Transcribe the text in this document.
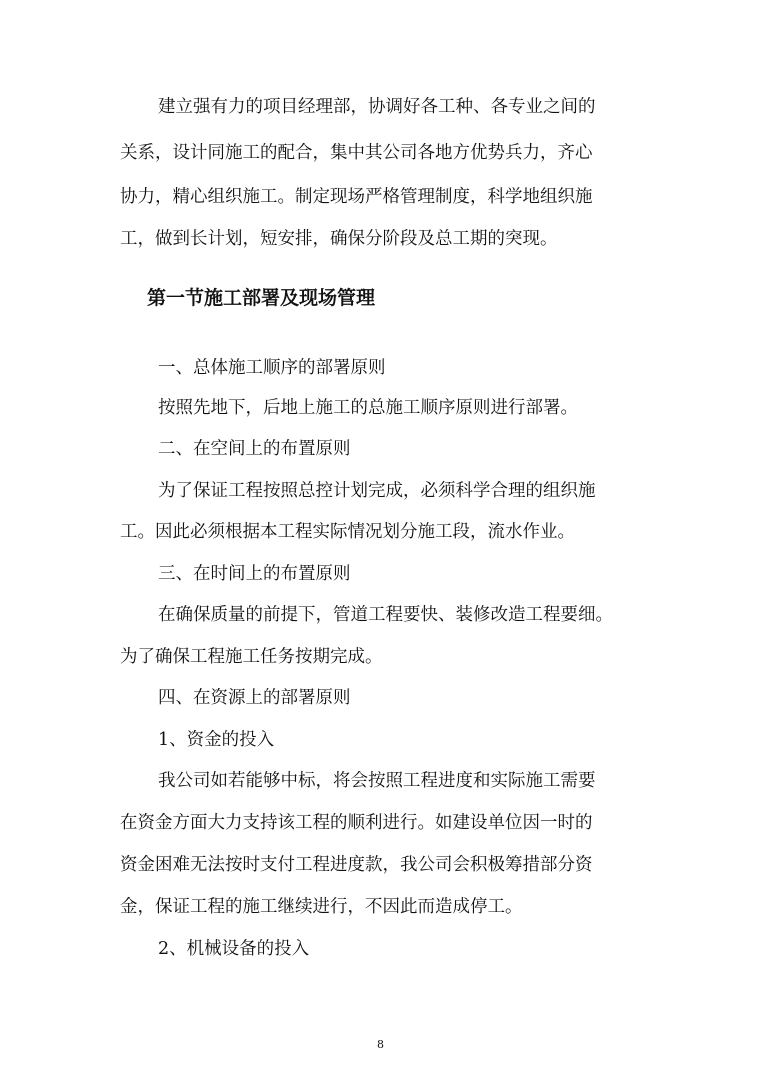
建立强有力的项目经理部，协调好各工种、各专业之间的
关系，设计同施工的配合，集中其公司各地方优势兵力，齐心
协力，精心组织施工。制定现场严格管理制度，科学地组织施
工，做到长计划，短安排，确保分阶段及总工期的突现。
第一节施工部署及现场管理
一、总体施工顺序的部署原则
按照先地下，后地上施工的总施工顺序原则进行部署。
二、在空间上的布置原则
为了保证工程按照总控计划完成，必须科学合理的组织施
工。因此必须根据本工程实际情况划分施工段，流水作业。
三、在时间上的布置原则
在确保质量的前提下，管道工程要快、装修改造工程要细。
为了确保工程施工任务按期完成。
四、在资源上的部署原则
1、资金的投入
我公司如若能够中标，将会按照工程进度和实际施工需要
在资金方面大力支持该工程的顺利进行。如建设单位因一时的
资金困难无法按时支付工程进度款，我公司会积极筹措部分资
金，保证工程的施工继续进行，不因此而造成停工。
2、机械设备的投入
8
